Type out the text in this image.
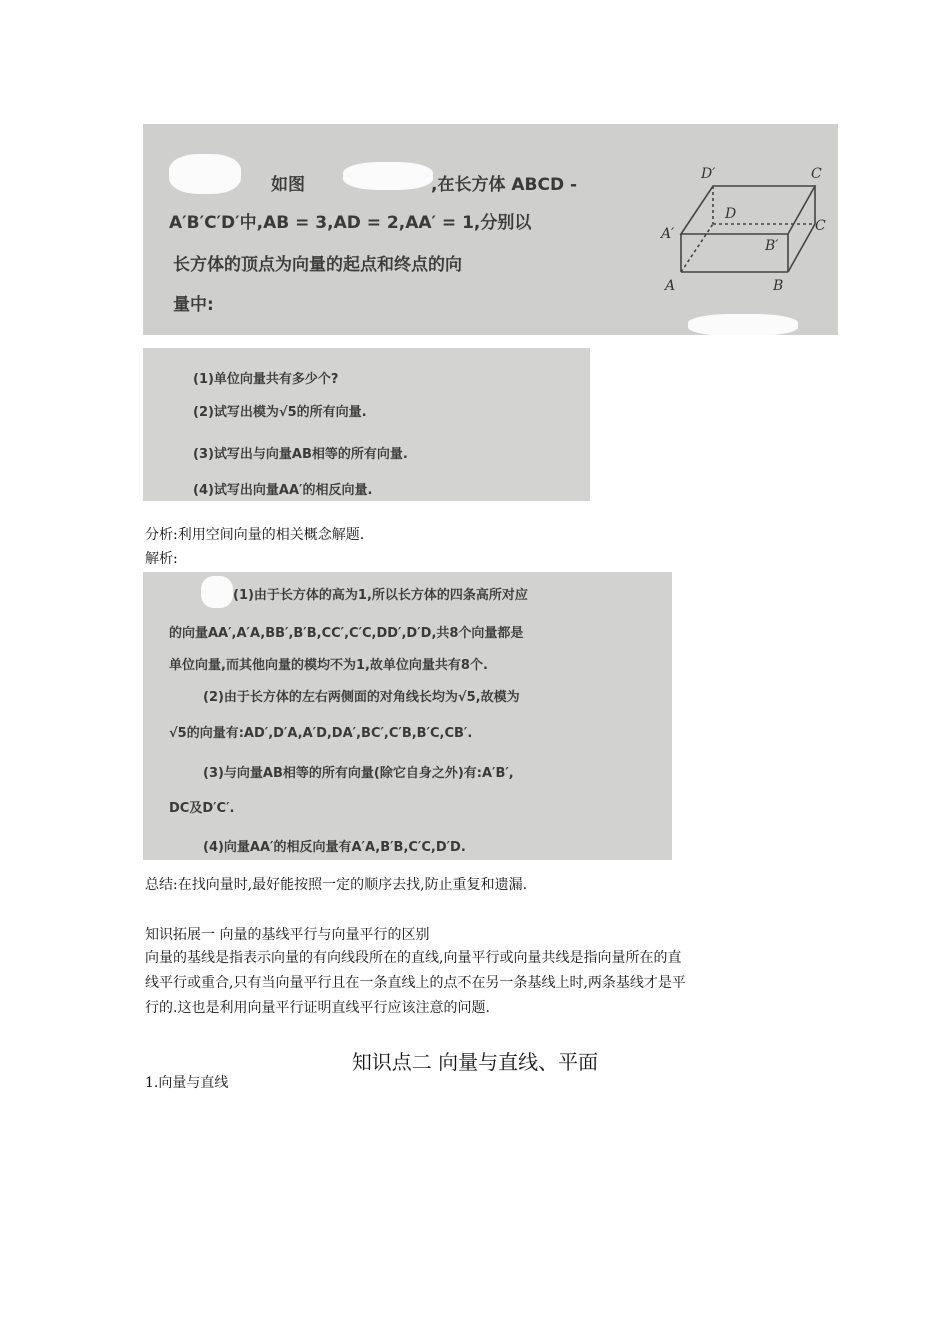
如图	,在长方体 ABCD -
A′B′C′D′中,AB = 3,AD = 2,AA′ = 1,分别以
长方体的顶点为向量的起点和终点的向
量中:
D′	C
D
A′	C
B′
A	B
(1)单位向量共有多少个?
(2)试写出模为√5的所有向量.
(3)试写出与向量AB相等的所有向量.
(4)试写出向量AA′的相反向量.
分析:利用空间向量的相关概念解题.
解析:
(1)由于长方体的高为1,所以长方体的四条高所对应
的向量AA′,A′A,BB′,B′B,CC′,C′C,DD′,D′D,共8个向量都是
单位向量,而其他向量的模均不为1,故单位向量共有8个.
(2)由于长方体的左右两侧面的对角线长均为√5,故模为
√5的向量有:AD′,D′A,A′D,DA′,BC′,C′B,B′C,CB′.
(3)与向量AB相等的所有向量(除它自身之外)有:A′B′,
DC及D′C′.
(4)向量AA′的相反向量有A′A,B′B,C′C,D′D.
总结:在找向量时,最好能按照一定的顺序去找,防止重复和遗漏.
知识拓展一 向量的基线平行与向量平行的区别
向量的基线是指表示向量的有向线段所在的直线,向量平行或向量共线是指向量所在的直
线平行或重合,只有当向量平行且在一条直线上的点不在另一条基线上时,两条基线才是平
行的.这也是利用向量平行证明直线平行应该注意的问题.
知识点二 向量与直线、平面
1.向量与直线
